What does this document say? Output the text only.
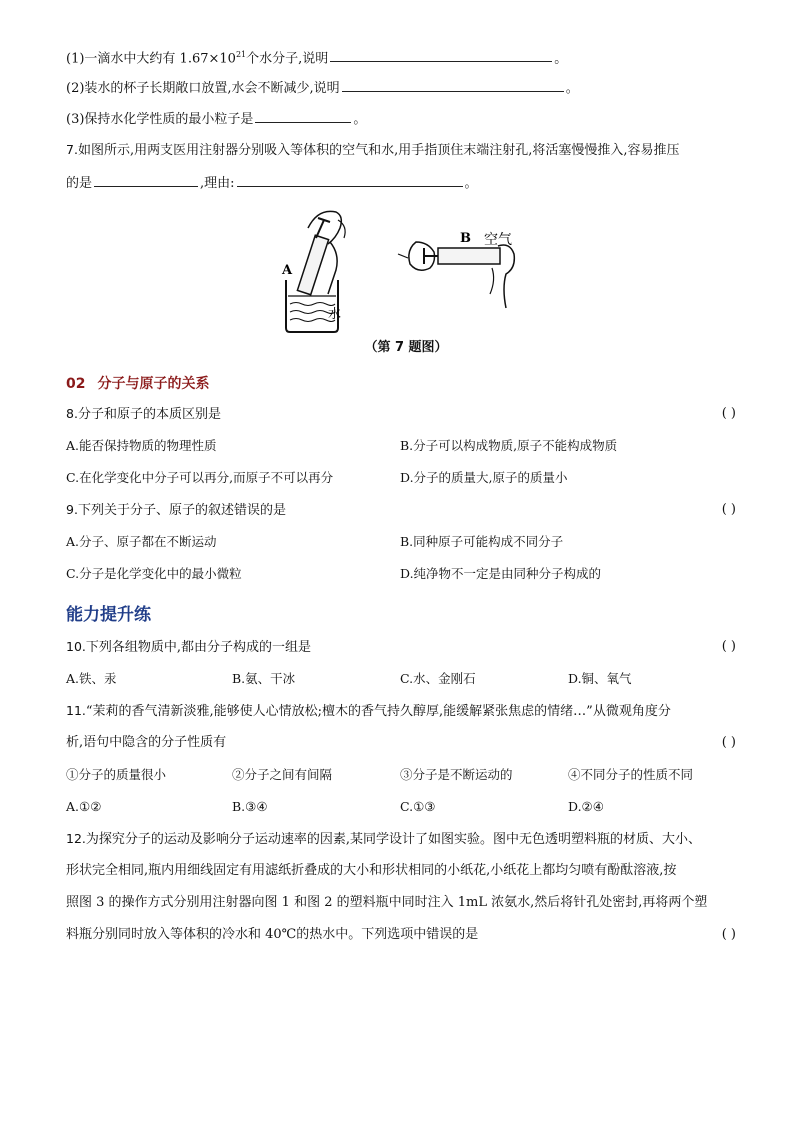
(1)一滴水中大约有 $1.67\times 10^{21}$个水分子,说明	。
(2)装水的杯子长期敞口放置,水会不断减少,说明	。
(3)保持水化学性质的最小粒子是	。
7.如图所示,用两支医用注射器分别吸入等体积的空气和水,用手指顶住末端注射孔,将活塞慢慢推入,容易推压
的是	,理由:	。
A
水
B 空气
（第 7 题图）
02 分子与原子的关系
8.分子和原子的本质区别是	( )
A.能否保持物质的物理性质	B.分子可以构成物质,原子不能构成物质
C.在化学变化中分子可以再分,而原子不可以再分	D.分子的质量大,原子的质量小
9.下列关于分子、原子的叙述错误的是	( )
A.分子、原子都在不断运动	B.同种原子可能构成不同分子
C.分子是化学变化中的最小微粒	D.纯净物不一定是由同种分子构成的
能力提升练
10.下列各组物质中,都由分子构成的一组是	( )
A.铁、汞	B.氨、干冰	C.水、金刚石	D.铜、氧气
11.“茉莉的香气清新淡雅,能够使人心情放松;檀木的香气持久醇厚,能缓解紧张焦虑的情绪…”从微观角度分
析,语句中隐含的分子性质有	( )
①分子的质量很小	②分子之间有间隔	③分子是不断运动的	④不同分子的性质不同
A.①②	B.③④	C.①③	D.②④
12.为探究分子的运动及影响分子运动速率的因素,某同学设计了如图实验。图中无色透明塑料瓶的材质、大小、
形状完全相同,瓶内用细线固定有用滤纸折叠成的大小和形状相同的小纸花,小纸花上都均匀喷有酚酞溶液,按
照图 3 的操作方式分别用注射器向图 1 和图 2 的塑料瓶中同时注入 1mL 浓氨水,然后将针孔处密封,再将两个塑
料瓶分别同时放入等体积的冷水和 40℃的热水中。下列选项中错误的是	( )
